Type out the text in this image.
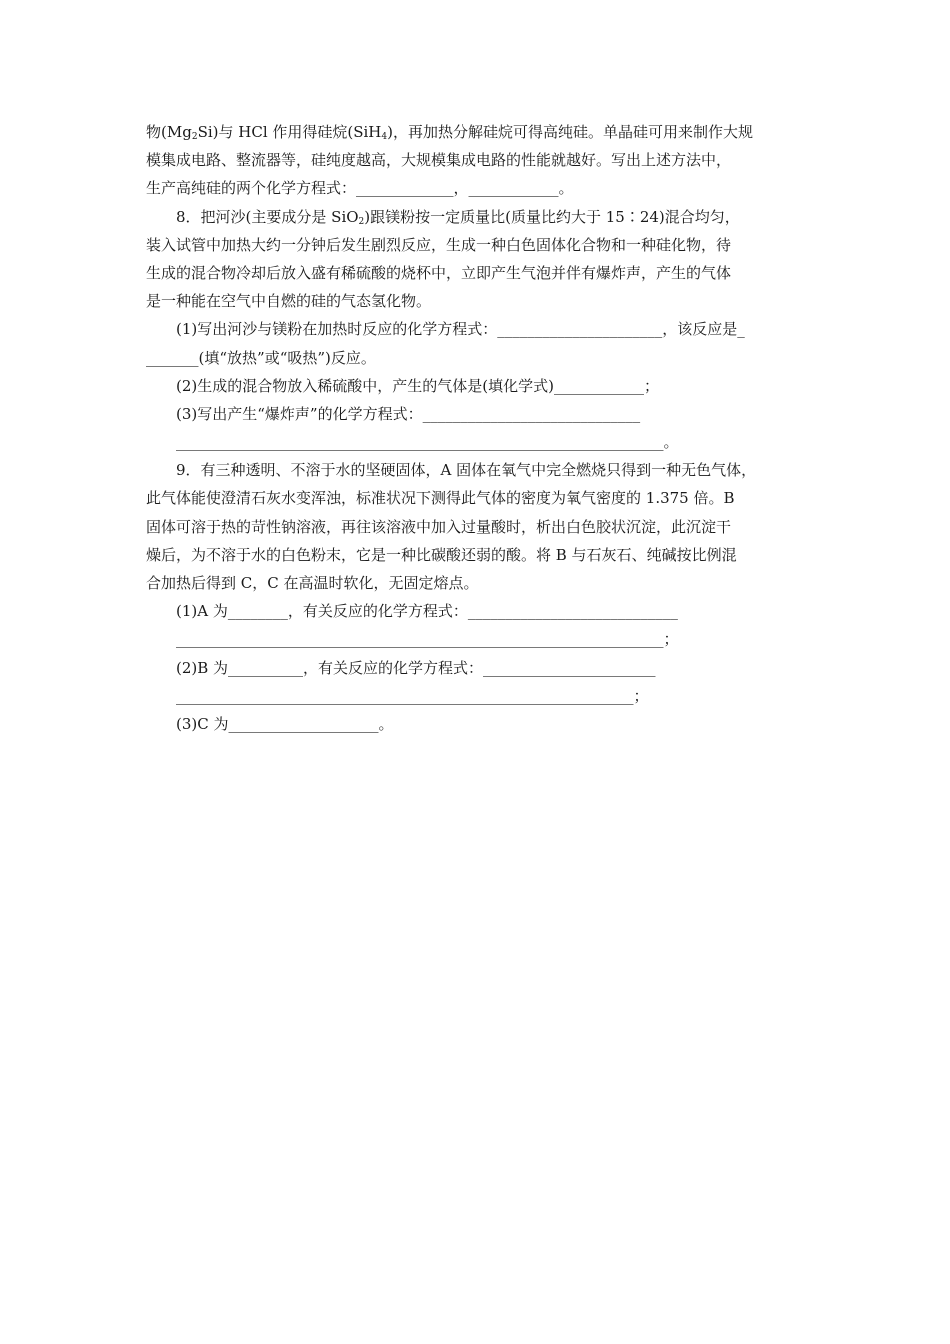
物$(Mg_2Si)$与 HCl 作用得硅烷(SiH$_4$)，再加热分解硅烷可得高纯硅。单晶硅可用来制作大规
模集成电路、整流器等，硅纯度越高，大规模集成电路的性能就越好。写出上述方法中，
生产高纯硅的两个化学方程式：_____________，____________。
8．把河沙(主要成分是 SiO$_2$)跟镁粉按一定质量比(质量比约大于 15∶24)混合均匀，
装入试管中加热大约一分钟后发生剧烈反应，生成一种白色固体化合物和一种硅化物，待
生成的混合物冷却后放入盛有稀硫酸的烧杯中，立即产生气泡并伴有爆炸声，产生的气体
是一种能在空气中自燃的硅的气态氢化物。
(1)写出河沙与镁粉在加热时反应的化学方程式：______________________，该反应是_
_______(填“放热”或“吸热”)反应。
(2)生成的混合物放入稀硫酸中，产生的气体是(填化学式)____________；
(3)写出产生“爆炸声”的化学方程式：_____________________________
_________________________________________________________________。
9．有三种透明、不溶于水的坚硬固体，A 固体在氧气中完全燃烧只得到一种无色气体，
此气体能使澄清石灰水变浑浊，标准状况下测得此气体的密度为氧气密度的 1.375 倍。B
固体可溶于热的苛性钠溶液，再往该溶液中加入过量酸时，析出白色胶状沉淀，此沉淀干
燥后，为不溶于水的白色粉末，它是一种比碳酸还弱的酸。将 B 与石灰石、纯碱按比例混
合加热后得到 C，C 在高温时软化，无固定熔点。
(1)A 为________，有关反应的化学方程式：____________________________
_________________________________________________________________；
(2)B 为__________，有关反应的化学方程式：_______________________
_____________________________________________________________；
(3)C 为____________________。
